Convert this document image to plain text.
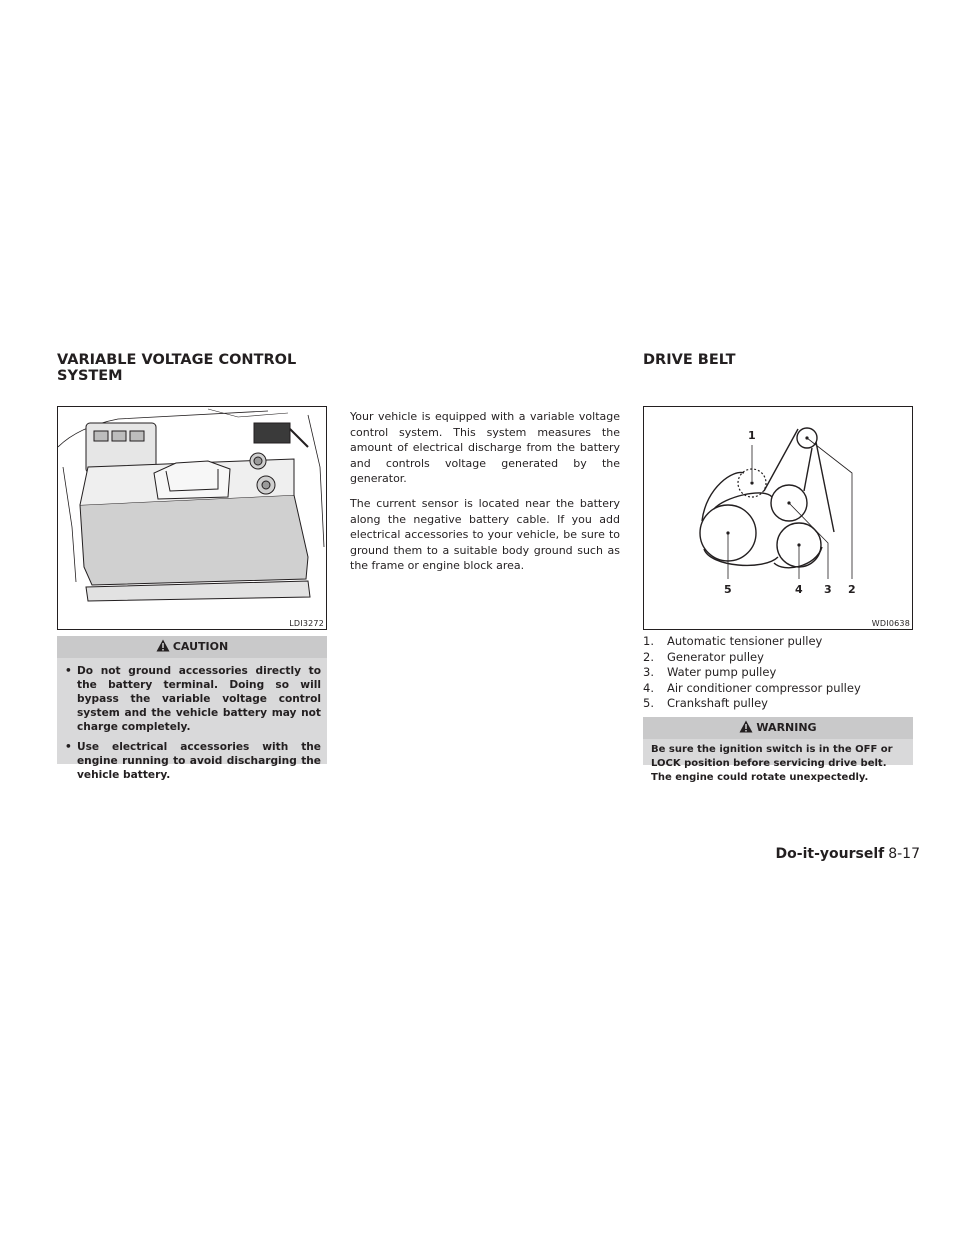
VARIABLE VOLTAGE CONTROL SYSTEM
DRIVE BELT
LDI3272
CAUTION
• Do not ground accessories directly to the battery terminal. Doing so will bypass the variable voltage control system and the vehicle battery may not charge completely.
• Use electrical accessories with the engine running to avoid discharging the vehicle battery.

Your vehicle is equipped with a variable voltage control system. This system measures the amount of electrical discharge from the battery and controls voltage generated by the generator.

The current sensor is located near the battery along the negative battery cable. If you add electrical accessories to your vehicle, be sure to ground them to a suitable body ground such as the frame or engine block area.

1
5	4 3 2
WDI0638
1. Automatic tensioner pulley
2. Generator pulley
3. Water pump pulley
4. Air conditioner compressor pulley
5. Crankshaft pulley
WARNING
Be sure the ignition switch is in the OFF or LOCK position before servicing drive belt. The engine could rotate unexpectedly.
Do-it-yourself 8-17
